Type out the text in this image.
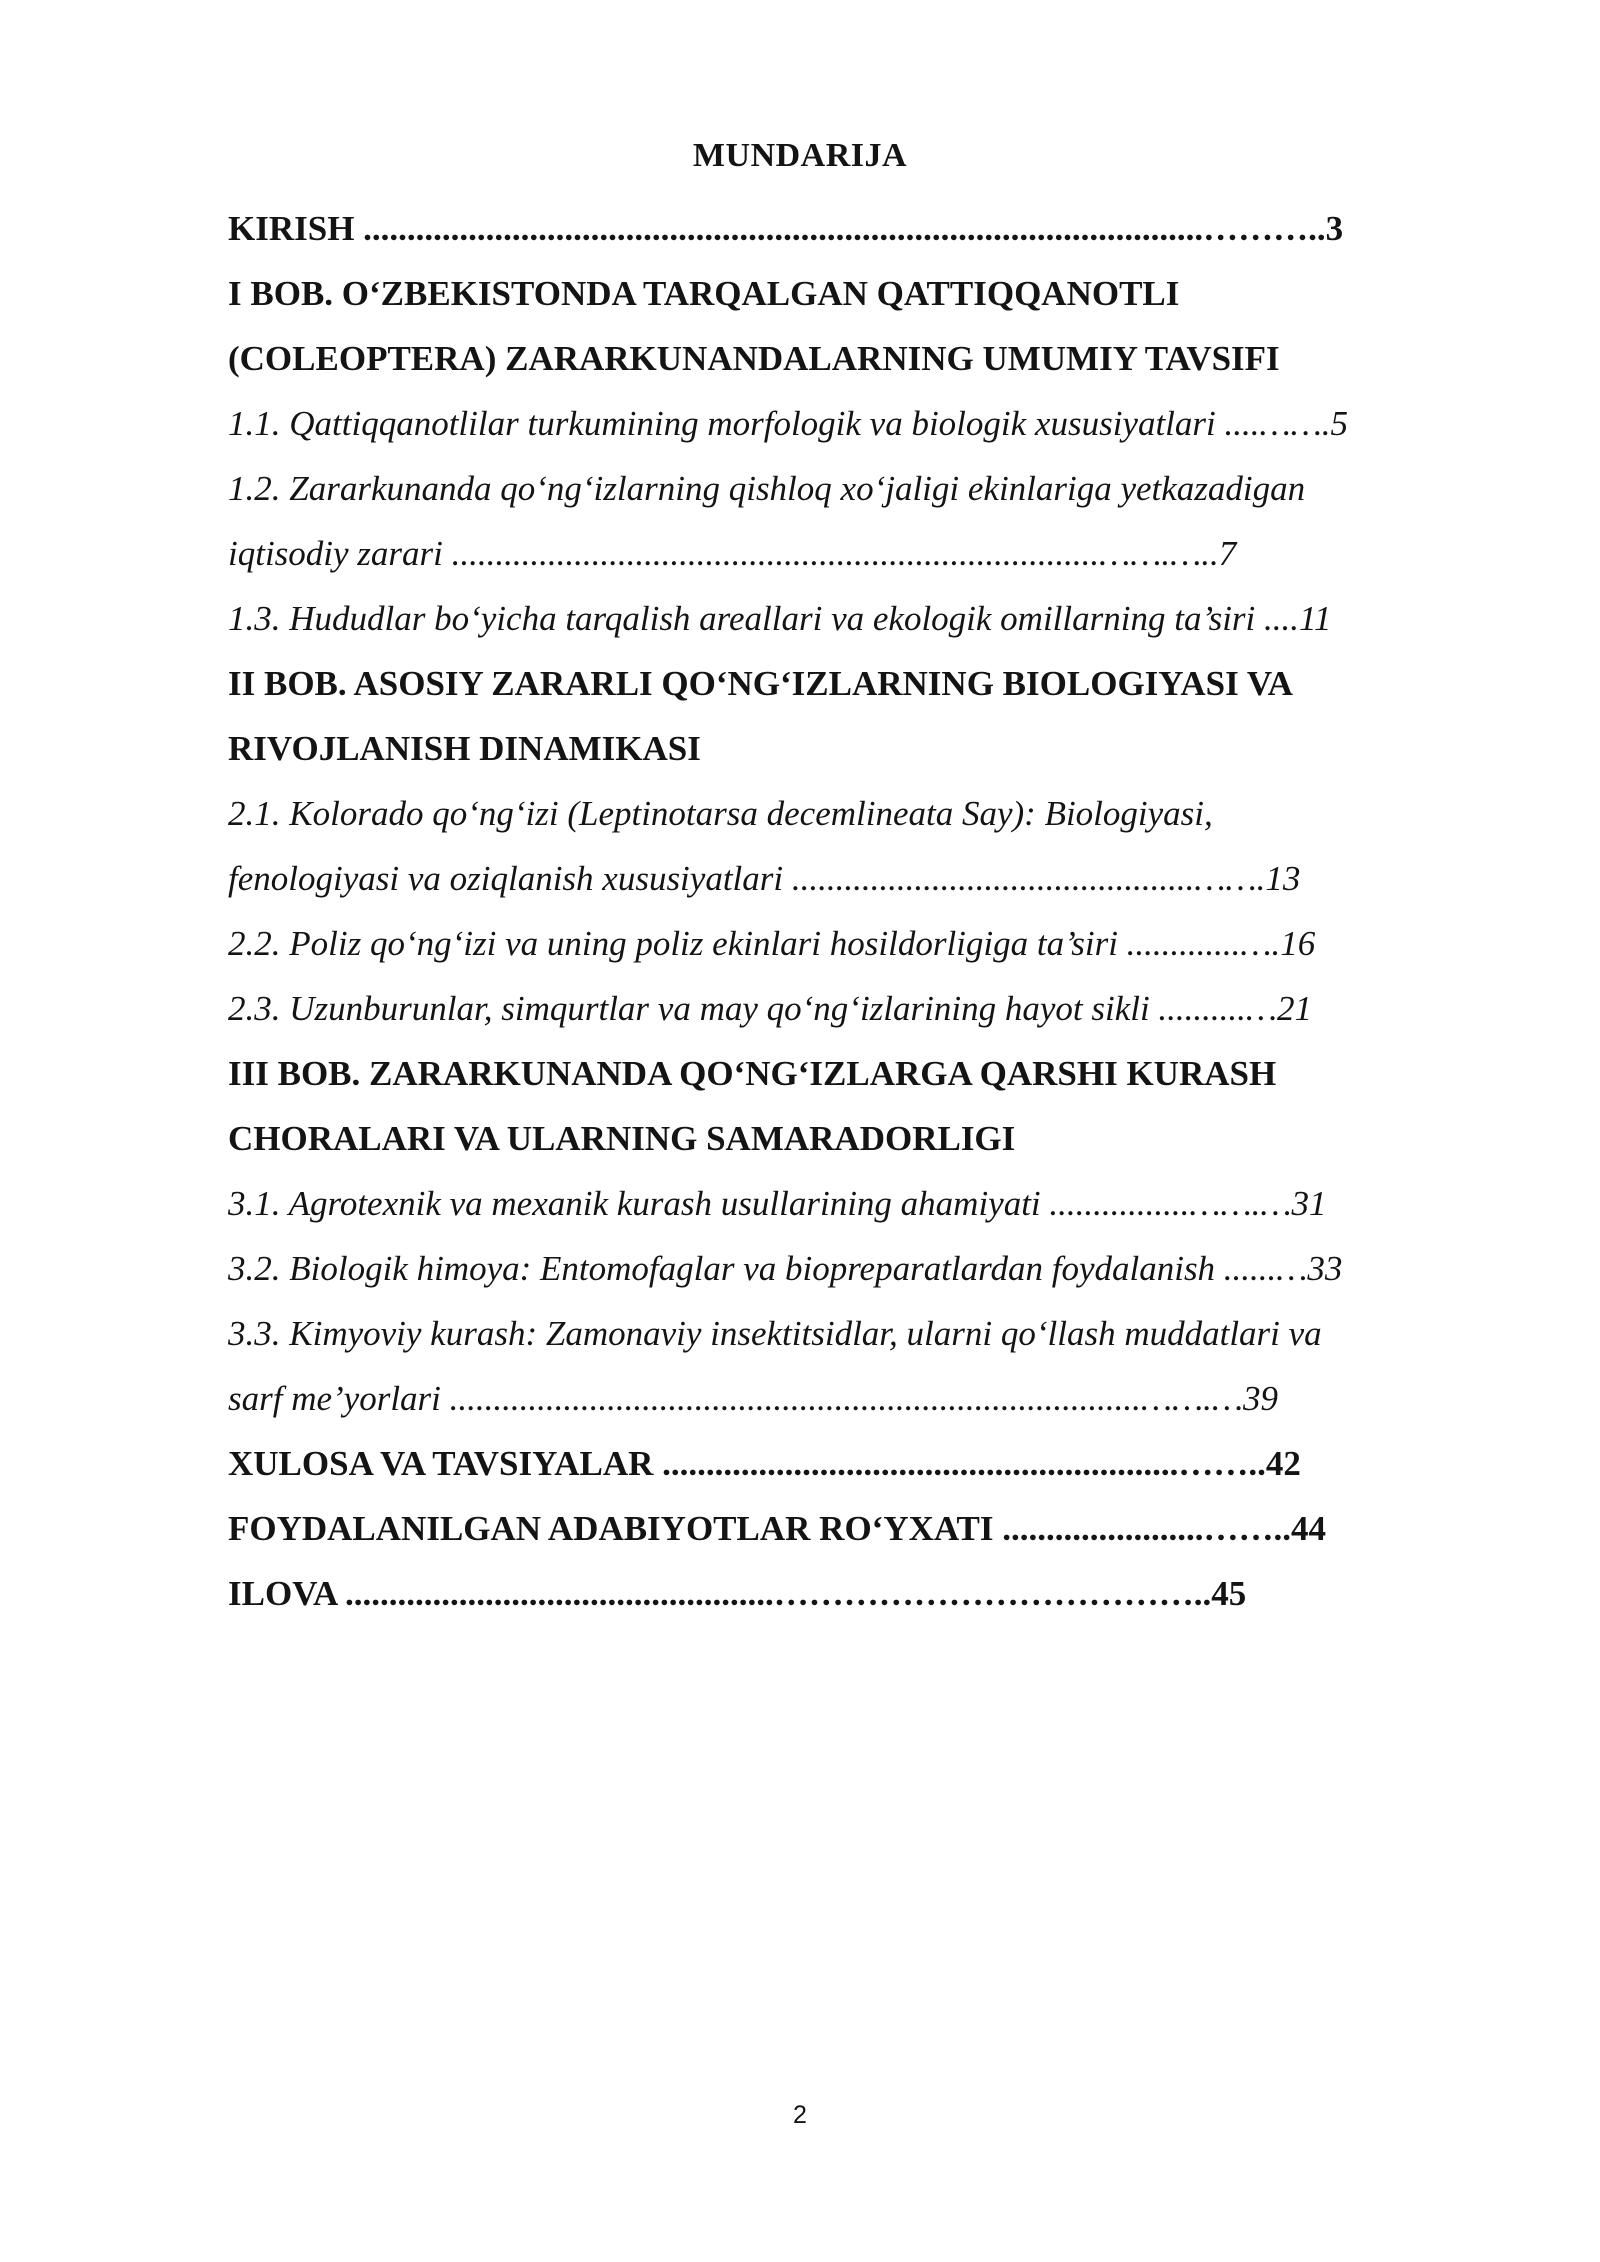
MUNDARIJA
KIRISH ................................................................................................………..3
I BOB. O‘ZBEKISTONDA TARQALGAN QATTIQQANOTLI
(COLEOPTERA) ZARARKUNANDALARNING UMUMIY TAVSIFI
1.1. Qattiqqanotlilar turkumining morfologik va biologik xususiyatlari ....…….5
1.2. Zararkunanda qo‘ng‘izlarning qishloq xo‘jaligi ekinlariga yetkazadigan
iqtisodiy zarari ..........................................................................…….…..7
1.3. Hududlar bo‘yicha tarqalish areallari va ekologik omillarning ta’siri ....11
II BOB. ASOSIY ZARARLI QO‘NG‘IZLARNING BIOLOGIYASI VA
RIVOJLANISH DINAMIKASI
2.1. Kolorado qo‘ng‘izi (Leptinotarsa decemlineata Say): Biologiyasi,
fenologiyasi va oziqlanish xususiyatlari ..............................................…….13
2.2. Poliz qo‘ng‘izi va uning poliz ekinlari hosildorligiga ta’siri .............….16
2.3. Uzunburunlar, simqurtlar va may qo‘ng‘izlarining hayot sikli ..........…21
III BOB. ZARARKUNANDA QO‘NG‘IZLARGA QARSHI KURASH
CHORALARI VA ULARNING SAMARADORLIGI
3.1. Agrotexnik va mexanik kurash usullarining ahamiyati ................…….…31
3.2. Biologik himoya: Entomofaglar va biopreparatlardan foydalanish ......…33
3.3. Kimyoviy kurash: Zamonaviy insektitsidlar, ularni qo‘llash muddatlari va
sarf me’yorlari ...............................................................................…….…39
XULOSA VA TAVSIYALAR ...........................................................……..42
FOYDALANILGAN ADABIYOTLAR RO‘YXATI .......................……..44
ILOVA .................................................………………………………..45
2
